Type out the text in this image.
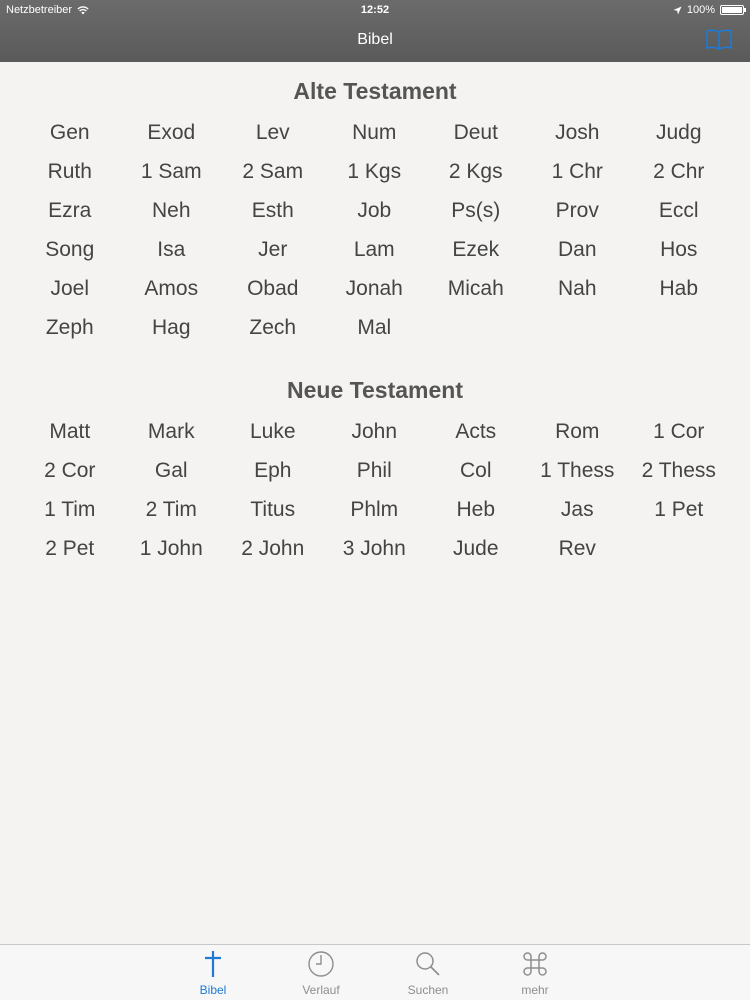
Netzbetreiber	12:52	100%
Bibel
Alte Testament
Gen	Exod	Lev	Num	Deut	Josh	Judg
Ruth	1 Sam	2 Sam	1 Kgs	2 Kgs	1 Chr	2 Chr
Ezra	Neh	Esth	Job	Ps(s)	Prov	Eccl
Song	Isa	Jer	Lam	Ezek	Dan	Hos
Joel	Amos	Obad	Jonah	Micah	Nah	Hab
Zeph	Hag	Zech	Mal
Neue Testament
Matt	Mark	Luke	John	Acts	Rom	1 Cor
2 Cor	Gal	Eph	Phil	Col	1 Thess	2 Thess
1 Tim	2 Tim	Titus	Phlm	Heb	Jas	1 Pet
2 Pet	1 John	2 John	3 John	Jude	Rev
Bibel	Verlauf	Suchen	mehr
